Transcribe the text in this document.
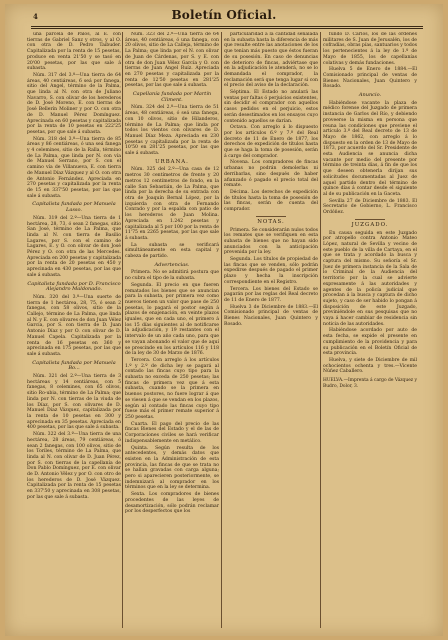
4	Boletín Oficial.

una parcela de Palos, al E. con tierras de Gabriel Sanz y otros, y al O. con otra de D. Pedro Taibuder. Capitalizada por la renta de 15 pesetas, produce en venta 21'50 y se tasó en 20'00 pesetas, por las que sale á subasta.

Núm. 317 del 3.º—Una tierra de 64 áreas, 40 centiáreas, 6 seá por fanega, sitio del Angel, término de la Palma, que linda al N. con otra de Juliano Navarro, S. con olivar de los herederos de D. José Moreno, E. con tierras de José Bellerín Moliner y por O. con otra de D. Manuel Pérez Domínguez. Aprecinada en 60 pesetas y capitalizada por la renta de 10 pesetas en 222'25 pesetas, por que sale á subasta.

Núm. 318 del 3.º—Una tierra de 85 áreas y 86 centiáreas, ó una seá fanega y 4 celemines, sitio de la Ralla, término de La Palma, que linda por N. con vía de Manuel Serrano, por S. con el camino vía de Villanueva, E. con tierra de Manuel Díaz Vázquez y al O. con otra de Antonio Fernández. Apreciada en 270 pesetas y capitalizada por la renta de 15 en 337'50 pesetas, por las que sale á subasta.

Capitalista fundada por Manuela Lasso.

Núm. 319 del 2.º—Una tierra de 1 hectárea, 28, 73, ó sean 2 fanegas, sitio San José, término de La Palma, que linda al N. con tierra de Basilio Lagares, por S. con el camino de Lagares, E. y O. con olivar de don José Pérez y O. con otra de las Mercedes. Apreciada en 200 pesetas y capitalizada por la renta de 20 pesetas en 450 y aprecinada en 430 pesetas, por las que sale á subasta.

Capitalista fundada por D. Francisco Alejandro Maldonado.

Núm. 320 del 3.º—Una suerte de tierra de 1 hectárea, 28, 75, ó sean 2 fanegas, con 58 olivos, sitio de la Callejo, término de La Palma, que linda al N. y E. con olivares de don Juan Vélez García, por S. con tierra de D. Juan Antonio Díaz y por O. con olivar de D. Manuel Capela. Capitalizada por la renta de 16 pesetas en 360 y aprecinada en 175 pesetas, por las que sale á subasta.

Capitalista fundada por Manuela Bo...

Núm. 321 del 2.º—Una tierra de 3 hectáreas y 14 centiáreas, con 5 fanegas, 8 celemines, con 65 olivos, sitio Ro-ubia, término de La Palma; que linda por N. con tierras de la viuda de los Díaz, por S. con olivares de D. Manuel Díaz Vázquez, capitalizada por la renta de 10 pesetas en 300 y aprecinada en 35 pesetas. Apreciada en 400 pesetas, por las que sale á subasta.

Núm. 322 del 3.º—Una tierra de una hectárea, 28 áreas, 79 centiáreas, ó sean 2 fanegas, con 100 olivos, sitio de los Toriles, término de La Palma, que linda al N. con olivar de D. Juan Pérez, por S. con tierras de la capellanía de Don Pablo Domínguez, por E. con olivar de D. Antonio Vélez y por O. con otro de los herederos de D. José Vázquez. Capitalizada por la renta de 15 pesetas en 337'50 y aprecinada en 308 pesetas, por las que sale á subasta.

Núm. 323 del 2.º—Una tierra de 64 áreas, 40 centiáreas, ó una fanega, con 20 olivos, sitio de La Calleja, término de La Palma; que linda por el N. con olivar de Juan de Cárdenas, por S. y E. con otra de don Juan Vélez García y O. con tierras de Juan Angel Ruíz. Apreciada en 270 pesetas y capitalizada por la renta de 12'50 pesetas en 281'25 pesetas, por las que sale á subasta.

Capellanía fundada por Martín Climent.

Núm. 324 del 2.º—Una tierra de 51 áreas, 48 centiáreas, ó seá una fanega, con 10 olivos, sitio de Hilanderos, término de La Palma; que linda por todos los vientos con olivares de D. Manuel Díaz Meza. Apreciada en 230 pesetas y capitalizada por la renta de 10'50 en 281'25 pesetas, por las que sale á subasta.

URBANA.

Núm. 325 del 2.º—Una casa de 12 metros 30 centímetros de frente y 20 metros 12 centímetros de fondo, en la calle San Sebastián, de La Palma, que linda por la derecha de su entrada con otra de Joaquín Bernal López, por la izquierda con otra de Fernando Conrado y por la espalda con patio de los herederos de Juan Molina. Apreciada en 1.242 pesetas y capitalizada al 5 por 100 por la renta de 11'75 en 2265 pesetas, por las que sale á subasta.

La subasta se verificará simultáneamente en esta capital y cabeza de partido.

Advertencias.

Primera. No se admitirá postura que no cubra el tipo de la subasta.

Segunda. El precio en que fueren rematados los bienes que se anuncian para la subasta, por primera vez como nuevos tienen un valor que pase de 250 pesetas, lo pagará el postor según á plazos de enajenación, en veinte plazos iguales, que en cada uno, el primero á los 15 días siguientes al de notificarse la adjudicación, y 19 restantes con el intervalo de un año cada uno, para que se vayan abonando el valor que de aquí se prescinde en los artículos 116 y 118 de la ley de 30 de Marzo de 1876.

Tercera. Con arreglo á los artículos 1.º y 2.º de dicha ley se pagará al contado las fincas cuyo tipo para la subasta no exceda de 250 pesetas; las fincas de primera vez que á esta subasta, cuando se la primera en buenos postores, no fuere lograr á que se viesen á que se vendan en los plazos, según al contado las fincas cuyo tipo fuese más el primer remate superior á 250 pesetas.

Cuarta. El pago del precio de las fincas Bienes del Estado y el de las de Corporaciones civiles se hará verificar indispensablemente en metálico.

Quinta. Según resulta de los antecedentes, y demás datos que existen en la Administración de esta provincia, las fincas de que se trata no se hallan gravadas con carga alguna; pero si aparecieren posteriormente, se indemnizará al comprador en los términos que en la ley se determina.

Sexta. Los compradores de bienes procedentes de las leyes de desamortización, sólo podrán reclamar por los desperfectos que los

particularidad á la cantidad señalada en la subasta hasta la diferencia de más que resulte entre las anotaciones de los que tenían más puesto que éstos fueran de su posesión. En caso de denuncias de deterioro de fincas, adviértase que en la adjudicación le atenderá, no se lo demandada el comprador, la reclamación será que tenga lugar si con el precio del aviso de la declaración.

Séptima. El Estado no anulará las ventas por faltas ó perjuicios existentes, sin decidir el comprador con aquellos casos pedidos en el perjuicio, estos serán desestimados en los ensayos cuyo contenido aquellos se darían.

Octava. Con arreglo á lo dispuesto por los artículos 6.º y 7.º del Real decreto de 11 de Enero de 1877, los derechos de expedición de títulos hasta que se haga la toma de posesión, serán á cargo del comprador.

Novena. Los compradores de fincas urbanas no podrán demolerlas ni derribarlas, sino después de haber afianzado ó pagado el precio total del remate.

Décima. Los derechos de expedición de títulos hasta la toma de posesión de las fincas, serán de cuenta del comprador.

NOTAS.

Primera. Se considerarán nulos todos los remates que se verifiquen en esta subasta de bienes que no hayan sido anunciados con la anticipación prevenida por la ley.

Segunda. Los títulos de propiedad de las fincas que se venden, sólo podrán expedirse después de pagado el primer plazo y hecha la inscripción correspondiente en el Registro.

Tercera. Los bienes del Estado se pagarán por las reglas del Real decreto de 11 de Enero de 1877.

Huelva 3 de Diciembre de 1883.—El Comisionado principal de ventas de Bienes Nacionales, Juan Quintero y Rosado.

fundo D. Carlos, los de las órdenes militares de S. Juan de Jerusalén, los de cofradías, obras pías, santuarios y todos los pertenecientes á la ley de 1.º de Mayo de 1855, los de capellanías colativas y demás fundaciones.

Huelva 5 de Enero de 1884.—El Comisionado principal de ventas de Bienes Nacionales, Juan Quintero y Rosado.

Anuncio.

Habiéndose vacante la plaza de médico forense del Juzgado de primera instancia de Garlos del Río, y debiendo proveerse la misma en persona que reuna las condiciones que previene el artículo 3.º del Real decreto de 13 de Mayo de 1862, con arreglo á lo dispuesto en la orden de 13 de Mayo de 1873, por acuerdo del Sr. Presidente de esta Audiencia se anuncia dicha vacante por medio del presente por término de treinta días, á fin de que los que deseen obtenerla dirijan sus solicitudes documentadas al Juez de aquel partido dentro del término de quince días á contar desde el siguiente al de su publicación en la Gaceta.

Sevilla 27 de Diciembre de 1883. El Secretario de Gobierno, L. Francisco Ordóñez.

JUZGADO.

En causa seguida en este Juzgado por atropello contra Antonio Mateo López, natural de Sevilla y vecino de este pueblo de la villa de Cartaya, en el que se trata y acordado la busca y captura del mismo. Su señoría el Sr. Juez de primera instancia de la Sala de lo Criminal de la Audiencia del territorio por la cual se advierte expresamente á las autoridades y agentes de la policía judicial que procedan á la busca y captura de dicho sujeto, y caso de ser habido lo pongan á disposición de este Juzgado, previniéndole en sus pesquisas que no vaya á hacer cambiar de residencia sin noticia de las autoridades.

Habiéndose acordado por auto de esta fecha, se expide el presente en cumplimiento de la providencia y para su publicación en el Boletín Oficial de esta provincia.

Huelva, y siete de Diciembre de mil ochocientos ochenta y tres.—Vicente Núñez Caballero.

HUELVA.—Imprenta á cargo de Vázquez y Budro, Dolor, 3.
